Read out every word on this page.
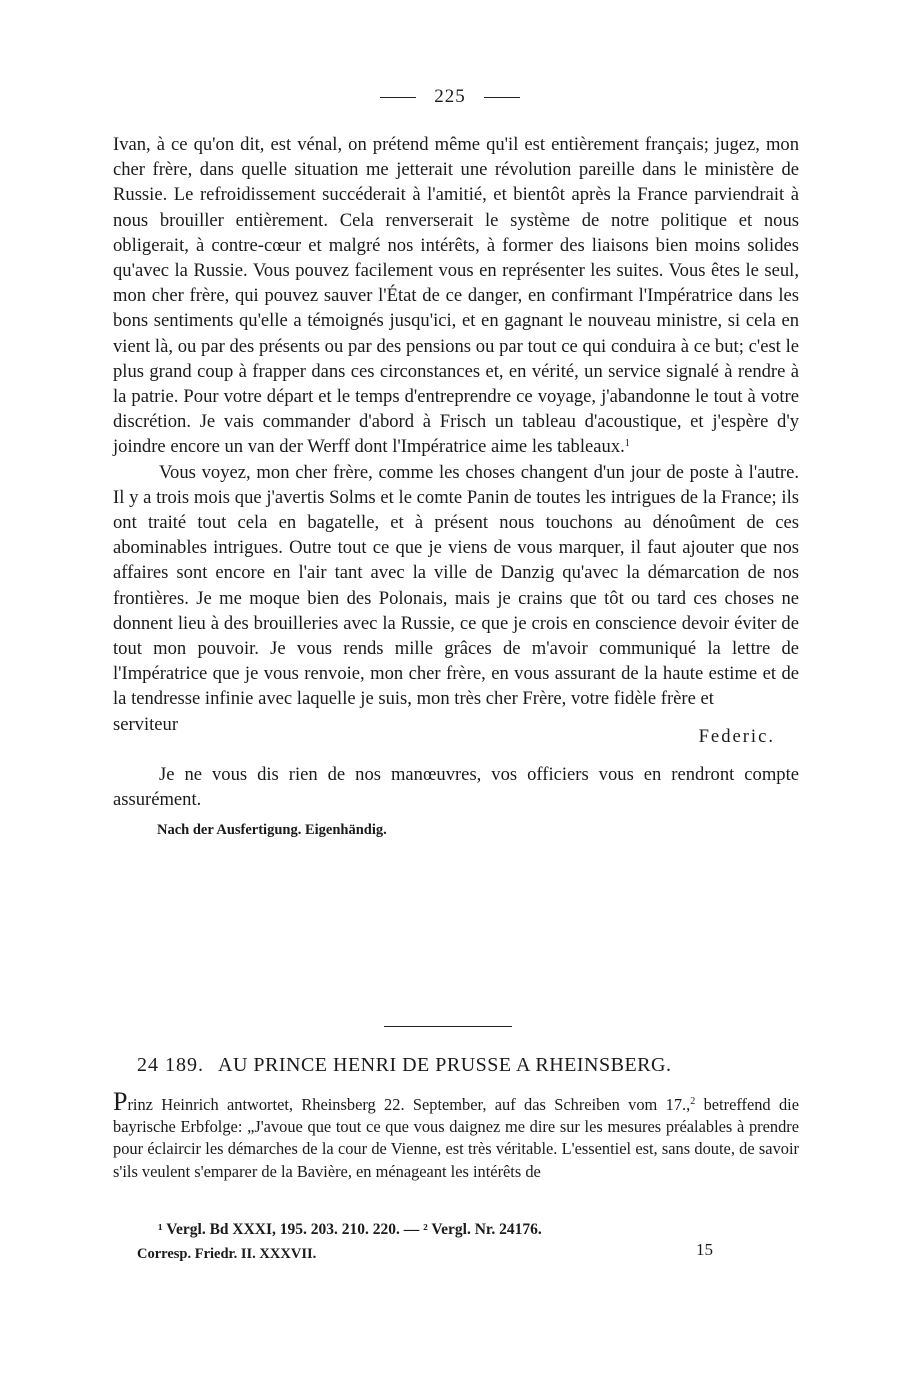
225

Ivan, à ce qu'on dit, est vénal, on prétend même qu'il est entièrement français; jugez, mon cher frère, dans quelle situation me jetterait une révolution pareille dans le ministère de Russie. Le refroidissement succéderait à l'amitié, et bientôt après la France parviendrait à nous brouiller entièrement. Cela renverserait le système de notre politique et nous obligerait, à contre-cœur et malgré nos intérêts, à former des liaisons bien moins solides qu'avec la Russie. Vous pouvez facilement vous en représenter les suites. Vous êtes le seul, mon cher frère, qui pouvez sauver l'État de ce danger, en confirmant l'Impératrice dans les bons sentiments qu'elle a témoignés jusqu'ici, et en gagnant le nouveau ministre, si cela en vient là, ou par des présents ou par des pensions ou par tout ce qui conduira à ce but; c'est le plus grand coup à frapper dans ces circonstances et, en vérité, un service signalé à rendre à la patrie. Pour votre départ et le temps d'entreprendre ce voyage, j'abandonne le tout à votre discrétion. Je vais commander d'abord à Frisch un tableau d'acoustique, et j'espère d'y joindre encore un van der Werff dont l'Impératrice aime les tableaux.$^1$

Vous voyez, mon cher frère, comme les choses changent d'un jour de poste à l'autre. Il y a trois mois que j'avertis Solms et le comte Panin de toutes les intrigues de la France; ils ont traité tout cela en bagatelle, et à présent nous touchons au dénoûment de ces abominables intrigues. Outre tout ce que je viens de vous marquer, il faut ajouter que nos affaires sont encore en l'air tant avec la ville de Danzig qu'avec la démarcation de nos frontières. Je me moque bien des Polonais, mais je crains que tôt ou tard ces choses ne donnent lieu à des brouilleries avec la Russie, ce que je crois en conscience devoir éviter de tout mon pouvoir. Je vous rends mille grâces de m'avoir communiqué la lettre de l'Impératrice que je vous renvoie, mon cher frère, en vous assurant de la haute estime et de la tendresse infinie avec laquelle je suis, mon très cher Frère, votre fidèle frère et

serviteur
Federic.

Je ne vous dis rien de nos manœuvres, vos officiers vous en rendront compte assurément.

Nach der Ausfertigung. Eigenhändig.
24 189. AU PRINCE HENRI DE PRUSSE A RHEINSBERG.

Prinz Heinrich antwortet, Rheinsberg 22. September, auf das Schreiben vom 17.,$^2$ betreffend die bayrische Erbfolge: „J'avoue que tout ce que vous daignez me dire sur les mesures préalables à prendre pour éclaircir les démarches de la cour de Vienne, est très véritable. L'essentiel est, sans doute, de savoir s'ils veulent s'emparer de la Bavière, en ménageant les intérêts de

¹ Vergl. Bd XXXI, 195. 203. 210. 220. — ² Vergl. Nr. 24176.
Corresp. Friedr. II. XXXVII.	15
